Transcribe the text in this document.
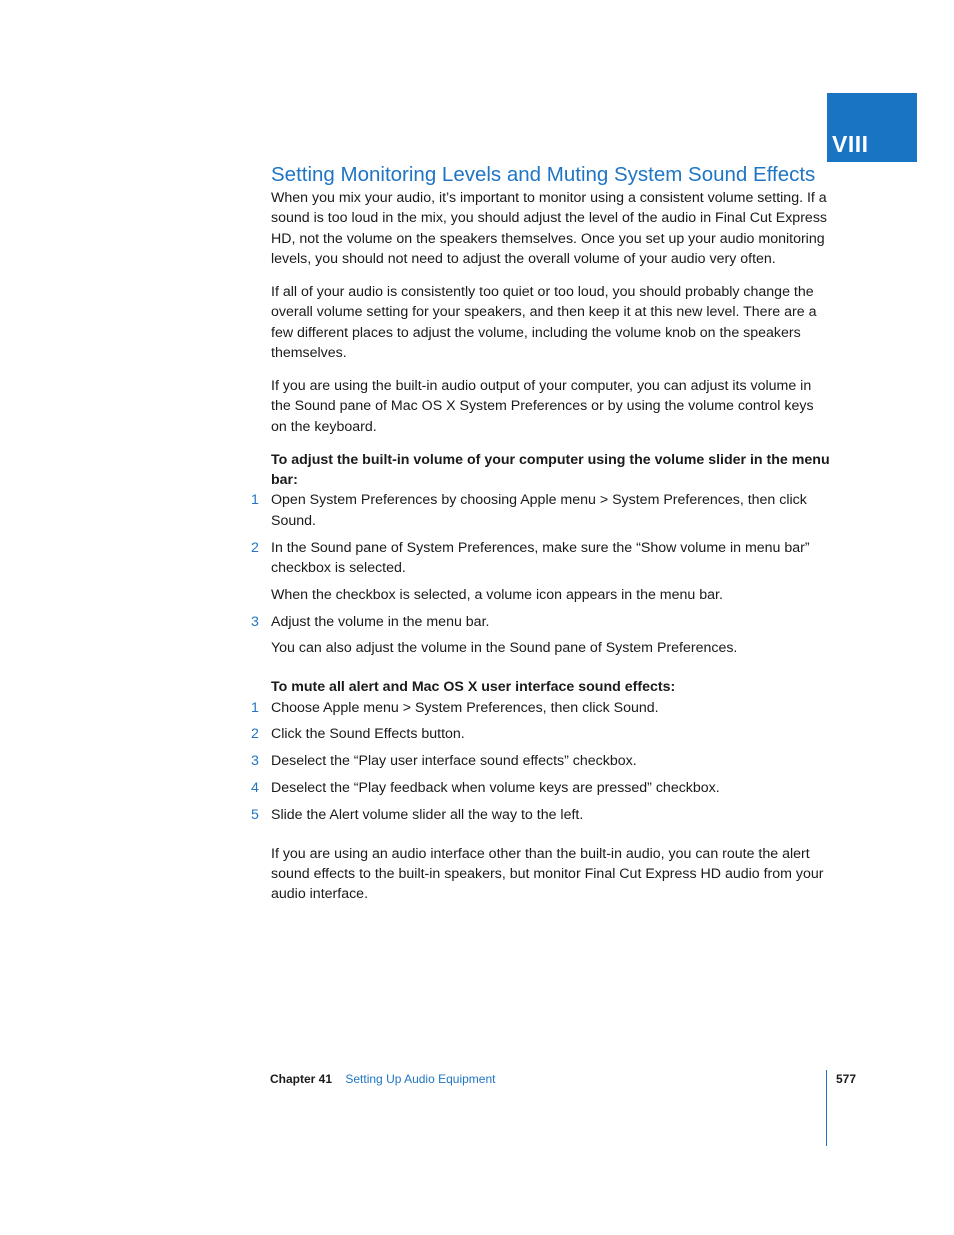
VIII
Setting Monitoring Levels and Muting System Sound Effects

When you mix your audio, it’s important to monitor using a consistent volume setting. If a sound is too loud in the mix, you should adjust the level of the audio in Final Cut Express HD, not the volume on the speakers themselves. Once you set up your audio monitoring levels, you should not need to adjust the overall volume of your audio very often.

If all of your audio is consistently too quiet or too loud, you should probably change the overall volume setting for your speakers, and then keep it at this new level. There are a few different places to adjust the volume, including the volume knob on the speakers themselves.

If you are using the built-in audio output of your computer, you can adjust its volume in the Sound pane of Mac OS X System Preferences or by using the volume control keys on the keyboard.

To adjust the built-in volume of your computer using the volume slider in the menu bar:

1 Open System Preferences by choosing Apple menu > System Preferences, then click Sound.

2 In the Sound pane of System Preferences, make sure the “Show volume in menu bar” checkbox is selected.

When the checkbox is selected, a volume icon appears in the menu bar.

3 Adjust the volume in the menu bar.

You can also adjust the volume in the Sound pane of System Preferences.

To mute all alert and Mac OS X user interface sound effects:

1 Choose Apple menu > System Preferences, then click Sound.

2 Click the Sound Effects button.

3 Deselect the “Play user interface sound effects” checkbox.

4 Deselect the “Play feedback when volume keys are pressed” checkbox.

5 Slide the Alert volume slider all the way to the left.

If you are using an audio interface other than the built-in audio, you can route the alert sound effects to the built-in speakers, but monitor Final Cut Express HD audio from your audio interface.

Chapter 41 Setting Up Audio Equipment	577
